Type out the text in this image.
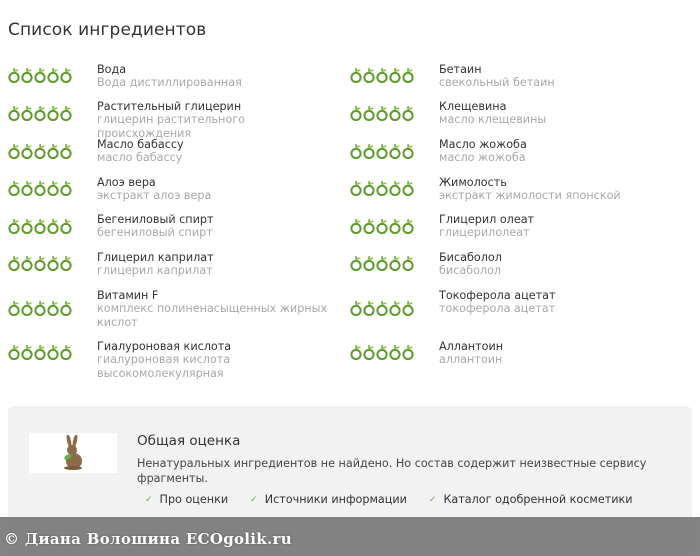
Список ингредиентов
Вода
Вода дистиллированная
Растительный глицерин
глицерин растительного происхождения
Масло бабассу
масло бабассу
Алоэ вера
экстракт алоэ вера
Бегениловый спирт
бегениловый спирт
Глицерил каприлат
глицерил каприлат
Витамин F
комплекс полиненасыщенных жирных кислот
Гиалуроновая кислота
гиалуроновая кислота высокомолекулярная
Бетаин
свекольный бетаин
Клещевина
масло клещевины
Масло жожоба
масло жожоба
Жимолость
экстракт жимолости японской
Глицерил олеат
глицерилолеат
Бисаболол
бисаболол
Токоферола ацетат
токоферола ацетат
Аллантоин
аллантоин
Общая оценка
Ненатуральных ингредиентов не найдено. Но состав содержит неизвестные сервису фрагменты.
✓ Про оценки ✓ Источники информации ✓ Каталог одобренной косметики
© Диана Волошина ECOgolik.ru
